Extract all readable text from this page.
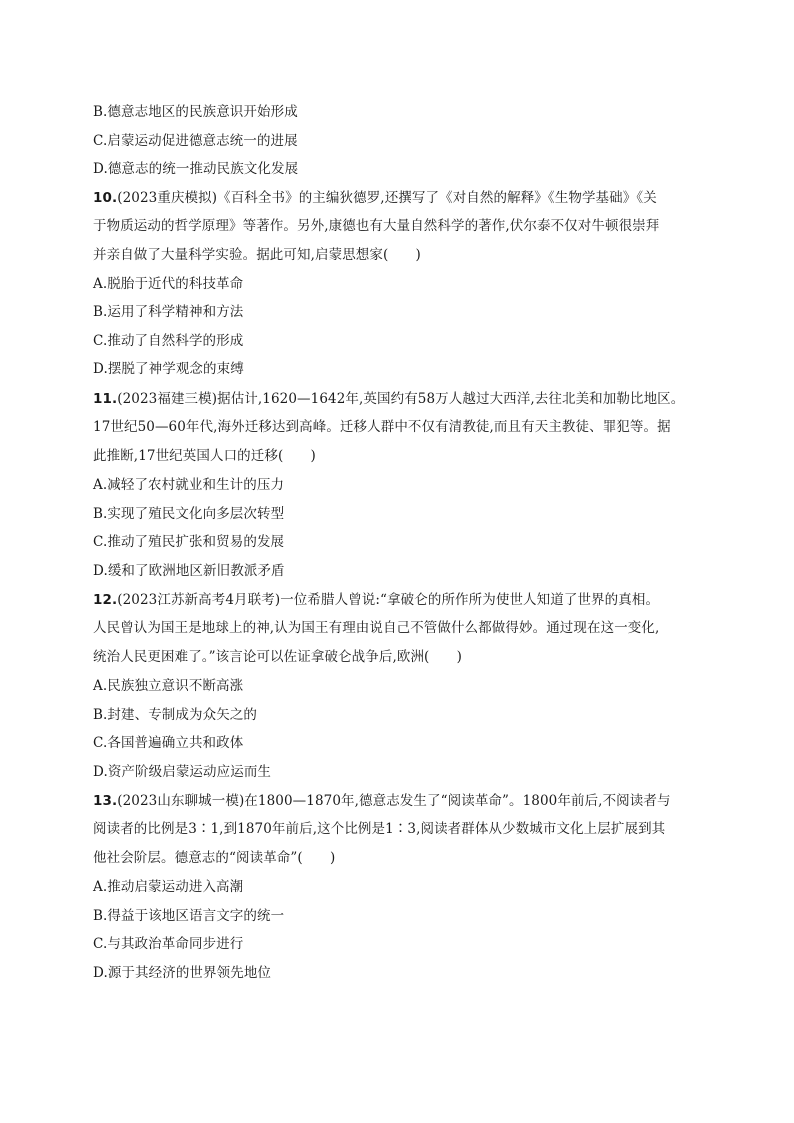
B.德意志地区的民族意识开始形成
C.启蒙运动促进德意志统一的进展
D.德意志的统一推动民族文化发展
10.(2023重庆模拟)《百科全书》的主编狄德罗,还撰写了《对自然的解释》《生物学基础》《关
于物质运动的哲学原理》等著作。另外,康德也有大量自然科学的著作,伏尔泰不仅对牛顿很崇拜
并亲自做了大量科学实验。据此可知,启蒙思想家(　　)
A.脱胎于近代的科技革命
B.运用了科学精神和方法
C.推动了自然科学的形成
D.摆脱了神学观念的束缚
11.(2023福建三模)据估计,1620—1642年,英国约有58万人越过大西洋,去往北美和加勒比地区。
17世纪50—60年代,海外迁移达到高峰。迁移人群中不仅有清教徒,而且有天主教徒、罪犯等。据
此推断,17世纪英国人口的迁移(　　)
A.减轻了农村就业和生计的压力
B.实现了殖民文化向多层次转型
C.推动了殖民扩张和贸易的发展
D.缓和了欧洲地区新旧教派矛盾
12.(2023江苏新高考4月联考)一位希腊人曾说:“拿破仑的所作所为使世人知道了世界的真相。
人民曾认为国王是地球上的神,认为国王有理由说自己不管做什么都做得妙。通过现在这一变化,
统治人民更困难了。”该言论可以佐证拿破仑战争后,欧洲(　　)
A.民族独立意识不断高涨
B.封建、专制成为众矢之的
C.各国普遍确立共和政体
D.资产阶级启蒙运动应运而生
13.(2023山东聊城一模)在1800—1870年,德意志发生了“阅读革命”。1800年前后,不阅读者与
阅读者的比例是3∶1,到1870年前后,这个比例是1∶3,阅读者群体从少数城市文化上层扩展到其
他社会阶层。德意志的“阅读革命”(　　)
A.推动启蒙运动进入高潮
B.得益于该地区语言文字的统一
C.与其政治革命同步进行
D.源于其经济的世界领先地位
